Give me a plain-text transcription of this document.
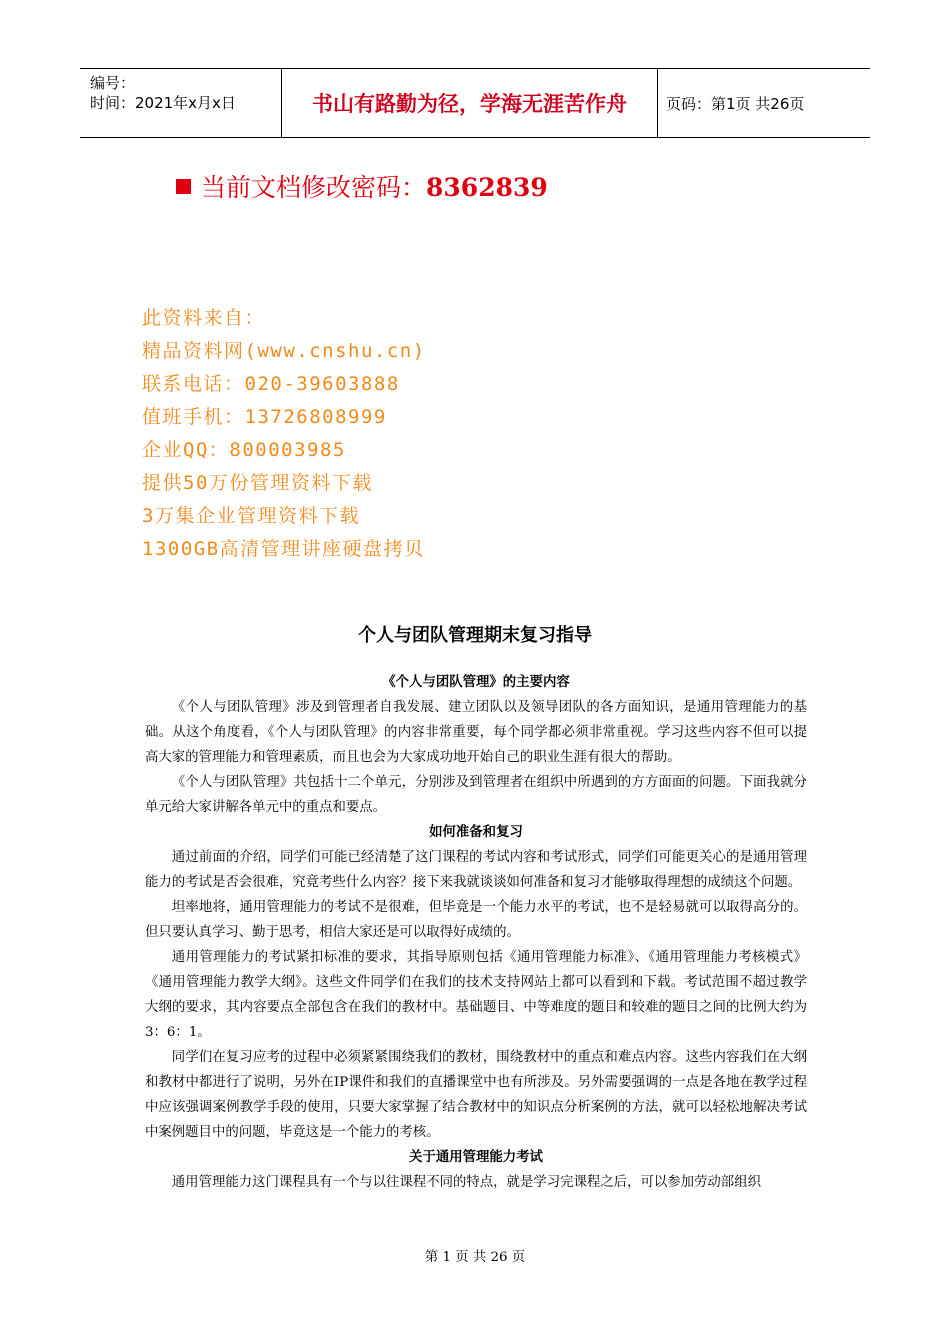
编号：
时间：2021年x月x日	书山有路勤为径，学海无涯苦作舟	页码：第1页 共26页
当前文档修改密码：8362839
此资料来自：
精品资料网(www.cnshu.cn)
联系电话：020-39603888
值班手机：13726808999
企业QQ：800003985
提供50万份管理资料下载
3万集企业管理资料下载
1300GB高清管理讲座硬盘拷贝
个人与团队管理期末复习指导
《个人与团队管理》的主要内容

《个人与团队管理》涉及到管理者自我发展、建立团队以及领导团队的各方面知识，是通用管理能力的基础。从这个角度看，《个人与团队管理》的内容非常重要，每个同学都必须非常重视。学习这些内容不但可以提高大家的管理能力和管理素质，而且也会为大家成功地开始自己的职业生涯有很大的帮助。

《个人与团队管理》共包括十二个单元，分别涉及到管理者在组织中所遇到的方方面面的问题。下面我就分单元给大家讲解各单元中的重点和要点。

如何准备和复习

通过前面的介绍，同学们可能已经清楚了这门课程的考试内容和考试形式，同学们可能更关心的是通用管理能力的考试是否会很难，究竟考些什么内容？接下来我就谈谈如何准备和复习才能够取得理想的成绩这个问题。

坦率地将，通用管理能力的考试不是很难，但毕竟是一个能力水平的考试，也不是轻易就可以取得高分的。但只要认真学习、勤于思考，相信大家还是可以取得好成绩的。

通用管理能力的考试紧扣标准的要求，其指导原则包括《通用管理能力标准》、《通用管理能力考核模式》《通用管理能力教学大纲》。这些文件同学们在我们的技术支持网站上都可以看到和下载。考试范围不超过教学大纲的要求，其内容要点全部包含在我们的教材中。基础题目、中等难度的题目和较难的题目之间的比例大约为3：6：1。

同学们在复习应考的过程中必须紧紧围绕我们的教材，围绕教材中的重点和难点内容。这些内容我们在大纲和教材中都进行了说明，另外在IP课件和我们的直播课堂中也有所涉及。另外需要强调的一点是各地在教学过程中应该强调案例教学手段的使用，只要大家掌握了结合教材中的知识点分析案例的方法，就可以轻松地解决考试中案例题目中的问题，毕竟这是一个能力的考核。

关于通用管理能力考试

通用管理能力这门课程具有一个与以往课程不同的特点，就是学习完课程之后，可以参加劳动部组织

第 1 页 共 26 页
